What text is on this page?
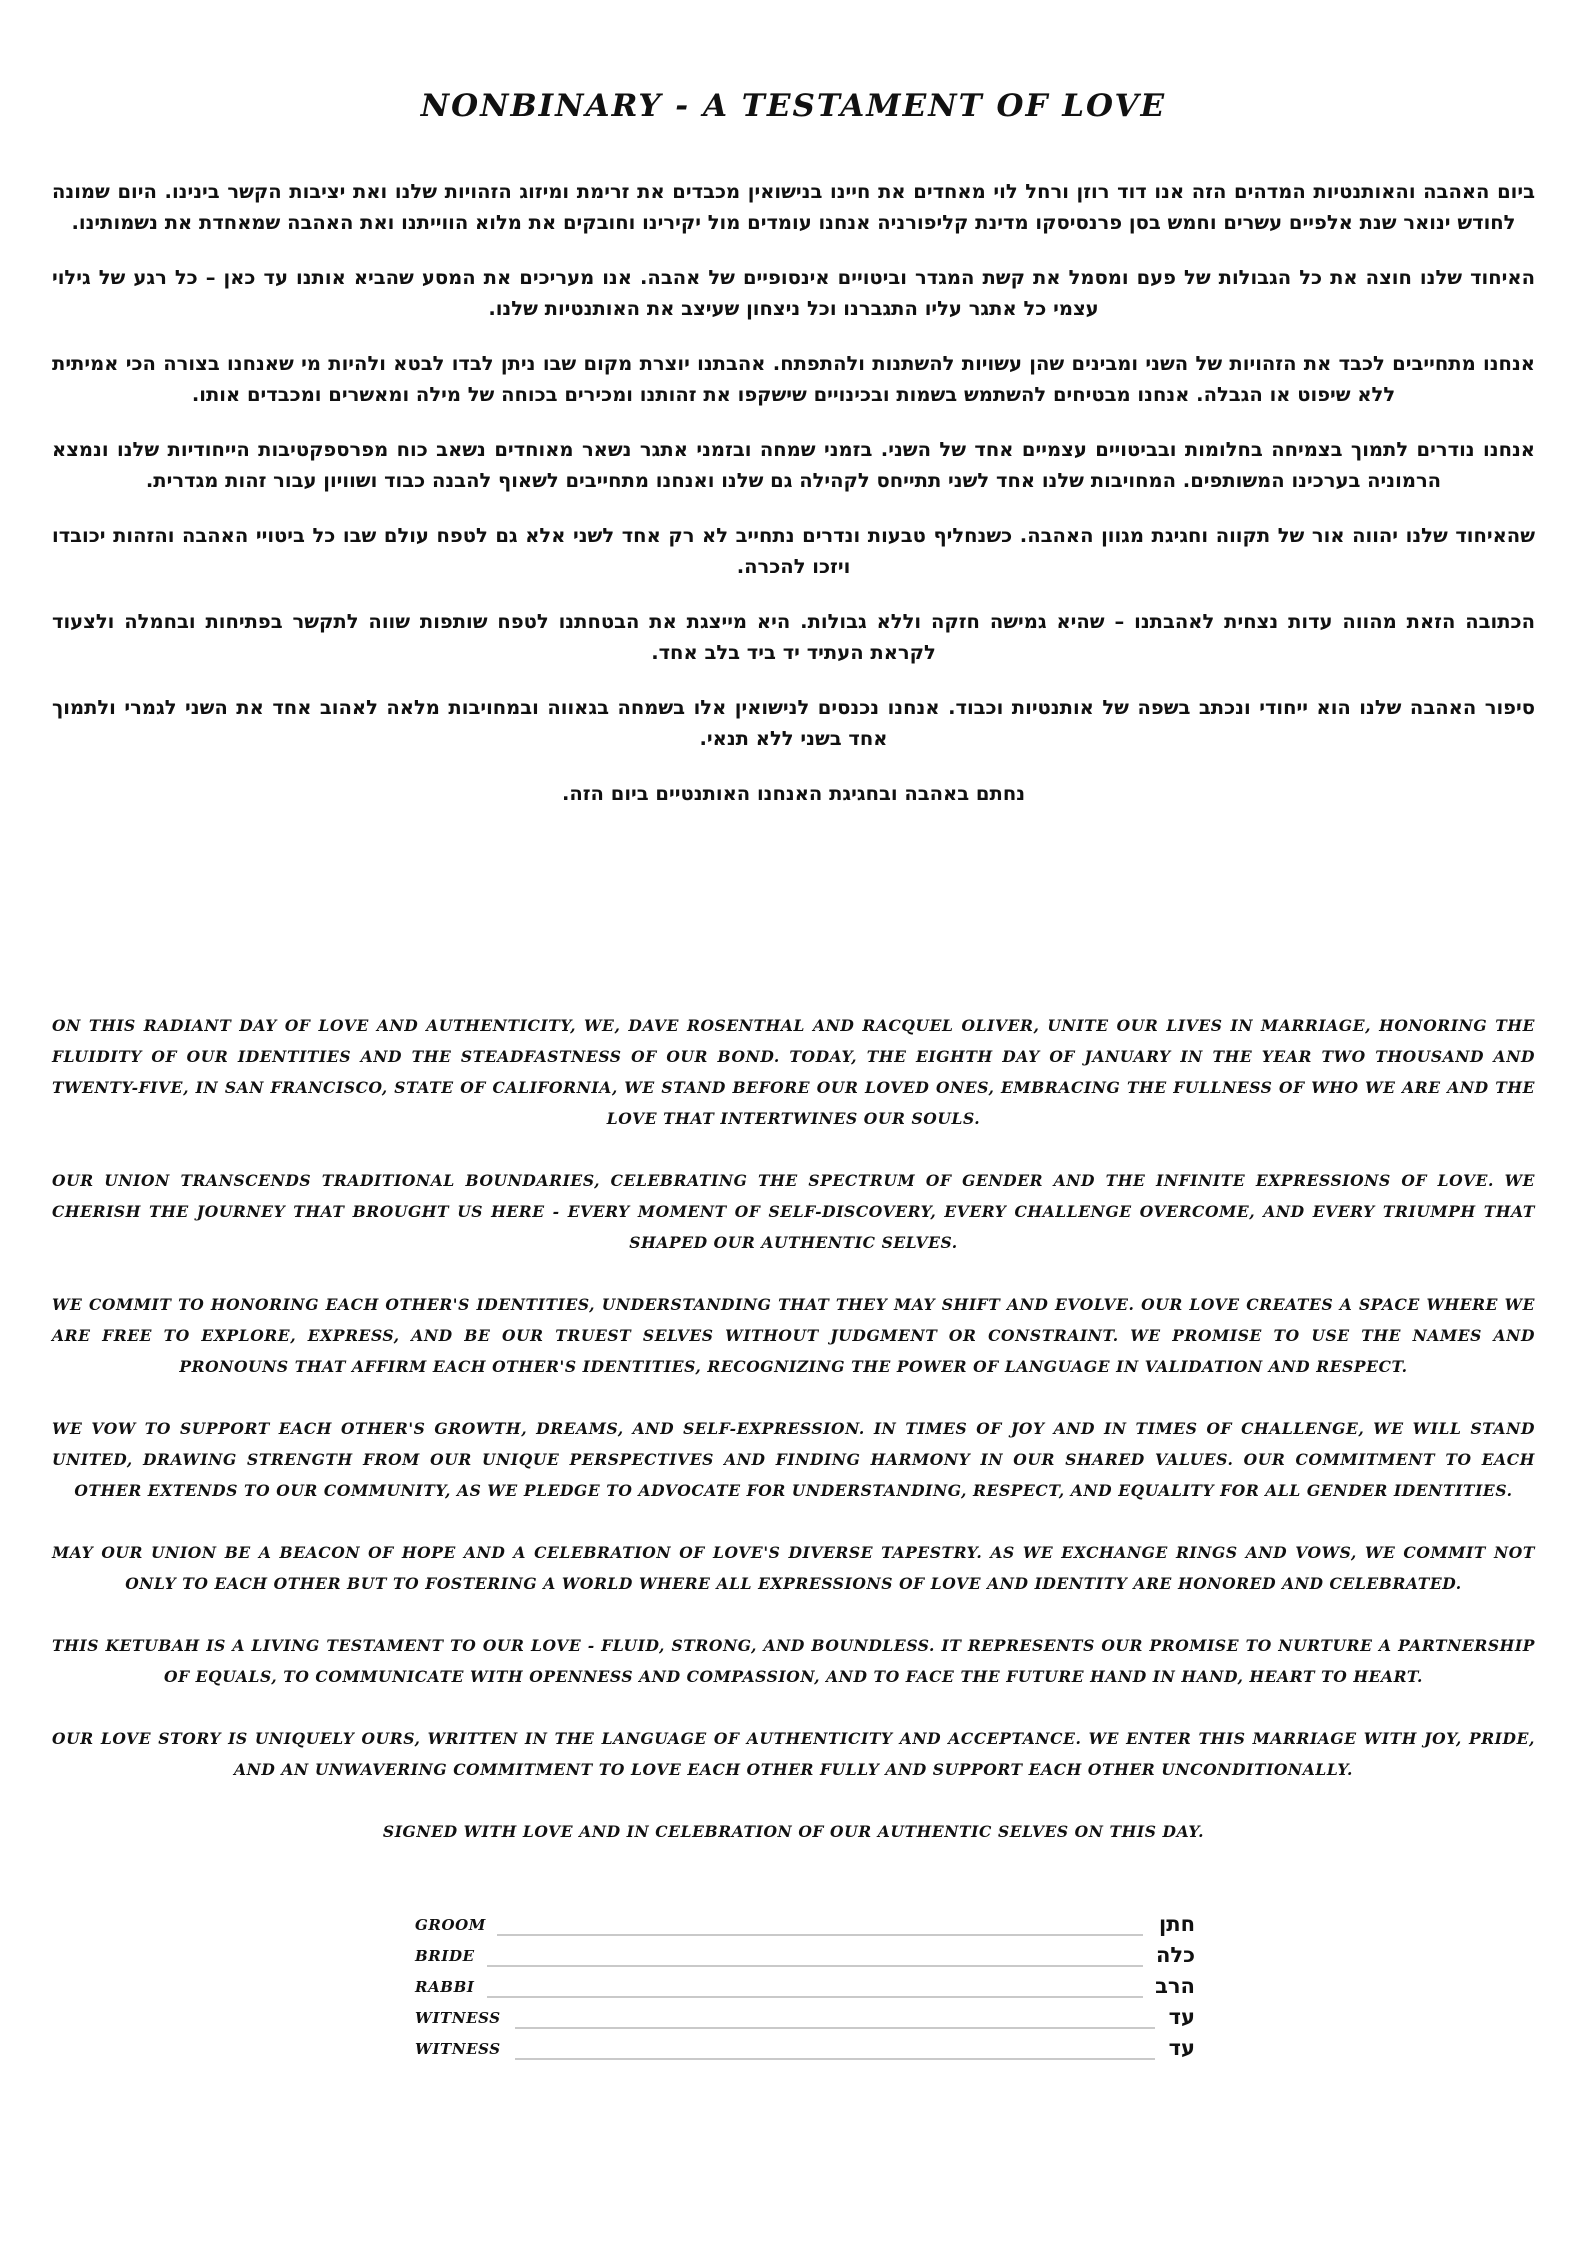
NONBINARY - A TESTAMENT OF LOVE

ביום האהבה והאותנטיות המדהים הזה אנו דוד רוזן ורחל לוי מאחדים את חיינו בנישואין מכבדים את זרימת ומיזוג הזהויות שלנו ואת יציבות הקשר בינינו. היום שמונה לחודש ינואר שנת אלפיים עשרים וחמש בסן פרנסיסקו מדינת קליפורניה אנחנו עומדים מול יקירינו וחובקים את מלוא הווייתנו ואת האהבה שמאחדת את נשמותינו.

האיחוד שלנו חוצה את כל הגבולות של פעם ומסמל את קשת המגדר וביטויים אינסופיים של אהבה. אנו מעריכים את המסע שהביא אותנו עד כאן – כל רגע של גילוי עצמי כל אתגר עליו התגברנו וכל ניצחון שעיצב את האותנטיות שלנו.

אנחנו מתחייבים לכבד את הזהויות של השני ומבינים שהן עשויות להשתנות ולהתפתח. אהבתנו יוצרת מקום שבו ניתן לבדו לבטא ולהיות מי שאנחנו בצורה הכי אמיתית ללא שיפוט או הגבלה. אנחנו מבטיחים להשתמש בשמות ובכינויים שישקפו את זהותנו ומכירים בכוחה של מילה ומאשרים ומכבדים אותו.

אנחנו נודרים לתמוך בצמיחה בחלומות ובביטויים עצמיים אחד של השני. בזמני שמחה ובזמני אתגר נשאר מאוחדים נשאב כוח מפרספקטיבות הייחודיות שלנו ונמצא הרמוניה בערכינו המשותפים. המחויבות שלנו אחד לשני תתייחס לקהילה גם שלנו ואנחנו מתחייבים לשאוף להבנה כבוד ושוויון עבור זהות מגדרית.

שהאיחוד שלנו יהווה אור של תקווה וחגיגת מגוון האהבה. כשנחליף טבעות ונדרים נתחייב לא רק אחד לשני אלא גם לטפח עולם שבו כל ביטויי האהבה והזהות יכובדו ויזכו להכרה.

הכתובה הזאת מהווה עדות נצחית לאהבתנו – שהיא גמישה חזקה וללא גבולות. היא מייצגת את הבטחתנו לטפח שותפות שווה לתקשר בפתיחות ובחמלה ולצעוד לקראת העתיד יד ביד בלב אחד.

סיפור האהבה שלנו הוא ייחודי ונכתב בשפה של אותנטיות וכבוד. אנחנו נכנסים לנישואין אלו בשמחה בגאווה ובמחויבות מלאה לאהוב אחד את השני לגמרי ולתמוך אחד בשני ללא תנאי.

נחתם באהבה ובחגיגת האנחנו האותנטיים ביום הזה.

ON THIS RADIANT DAY OF LOVE AND AUTHENTICITY, WE, DAVE ROSENTHAL AND RACQUEL OLIVER, UNITE OUR LIVES IN MARRIAGE, HONORING THE FLUIDITY OF OUR IDENTITIES AND THE STEADFASTNESS OF OUR BOND. TODAY, THE EIGHTH DAY OF JANUARY IN THE YEAR TWO THOUSAND AND TWENTY-FIVE, IN SAN FRANCISCO, STATE OF CALIFORNIA, WE STAND BEFORE OUR LOVED ONES, EMBRACING THE FULLNESS OF WHO WE ARE AND THE LOVE THAT INTERTWINES OUR SOULS.

OUR UNION TRANSCENDS TRADITIONAL BOUNDARIES, CELEBRATING THE SPECTRUM OF GENDER AND THE INFINITE EXPRESSIONS OF LOVE. WE CHERISH THE JOURNEY THAT BROUGHT US HERE - EVERY MOMENT OF SELF-DISCOVERY, EVERY CHALLENGE OVERCOME, AND EVERY TRIUMPH THAT SHAPED OUR AUTHENTIC SELVES.

WE COMMIT TO HONORING EACH OTHER'S IDENTITIES, UNDERSTANDING THAT THEY MAY SHIFT AND EVOLVE. OUR LOVE CREATES A SPACE WHERE WE ARE FREE TO EXPLORE, EXPRESS, AND BE OUR TRUEST SELVES WITHOUT JUDGMENT OR CONSTRAINT. WE PROMISE TO USE THE NAMES AND PRONOUNS THAT AFFIRM EACH OTHER'S IDENTITIES, RECOGNIZING THE POWER OF LANGUAGE IN VALIDATION AND RESPECT.

WE VOW TO SUPPORT EACH OTHER'S GROWTH, DREAMS, AND SELF-EXPRESSION. IN TIMES OF JOY AND IN TIMES OF CHALLENGE, WE WILL STAND UNITED, DRAWING STRENGTH FROM OUR UNIQUE PERSPECTIVES AND FINDING HARMONY IN OUR SHARED VALUES. OUR COMMITMENT TO EACH OTHER EXTENDS TO OUR COMMUNITY, AS WE PLEDGE TO ADVOCATE FOR UNDERSTANDING, RESPECT, AND EQUALITY FOR ALL GENDER IDENTITIES.

MAY OUR UNION BE A BEACON OF HOPE AND A CELEBRATION OF LOVE'S DIVERSE TAPESTRY. AS WE EXCHANGE RINGS AND VOWS, WE COMMIT NOT ONLY TO EACH OTHER BUT TO FOSTERING A WORLD WHERE ALL EXPRESSIONS OF LOVE AND IDENTITY ARE HONORED AND CELEBRATED.

THIS KETUBAH IS A LIVING TESTAMENT TO OUR LOVE - FLUID, STRONG, AND BOUNDLESS. IT REPRESENTS OUR PROMISE TO NURTURE A PARTNERSHIP OF EQUALS, TO COMMUNICATE WITH OPENNESS AND COMPASSION, AND TO FACE THE FUTURE HAND IN HAND, HEART TO HEART.

OUR LOVE STORY IS UNIQUELY OURS, WRITTEN IN THE LANGUAGE OF AUTHENTICITY AND ACCEPTANCE. WE ENTER THIS MARRIAGE WITH JOY, PRIDE, AND AN UNWAVERING COMMITMENT TO LOVE EACH OTHER FULLY AND SUPPORT EACH OTHER UNCONDITIONALLY.

SIGNED WITH LOVE AND IN CELEBRATION OF OUR AUTHENTIC SELVES ON THIS DAY.

GROOM	חתן
BRIDE	כלה
RABBI	הרב
WITNESS	עד
WITNESS	עד
